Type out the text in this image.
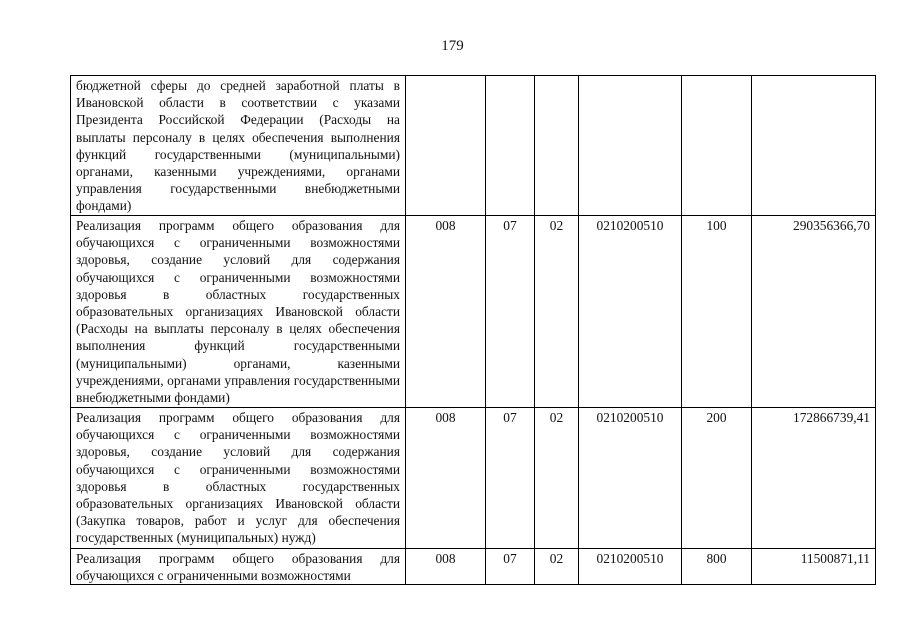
179
бюджетной сферы до средней заработной платы в Ивановской области в соответствии с указами Президента Российской Федерации (Расходы на выплаты персоналу в целях обеспечения выполнения функций государственными (муниципальными) органами, казенными учреждениями, органами управления государственными внебюджетными фондами)						
Реализация программ общего образования для обучающихся с ограниченными возможностями здоровья, создание условий для содержания обучающихся с ограниченными возможностями здоровья в областных государственных образовательных организациях Ивановской области (Расходы на выплаты персоналу в целях обеспечения выполнения функций государственными (муниципальными) органами, казенными учреждениями, органами управления государственными внебюджетными фондами)	008	07	02	0210200510	100	290356366,70
Реализация программ общего образования для обучающихся с ограниченными возможностями здоровья, создание условий для содержания обучающихся с ограниченными возможностями здоровья в областных государственных образовательных организациях Ивановской области (Закупка товаров, работ и услуг для обеспечения государственных (муниципальных) нужд)	008	07	02	0210200510	200	172866739,41
Реализация программ общего образования для обучающихся с ограниченными возможностями	008	07	02	0210200510	800	11500871,11
